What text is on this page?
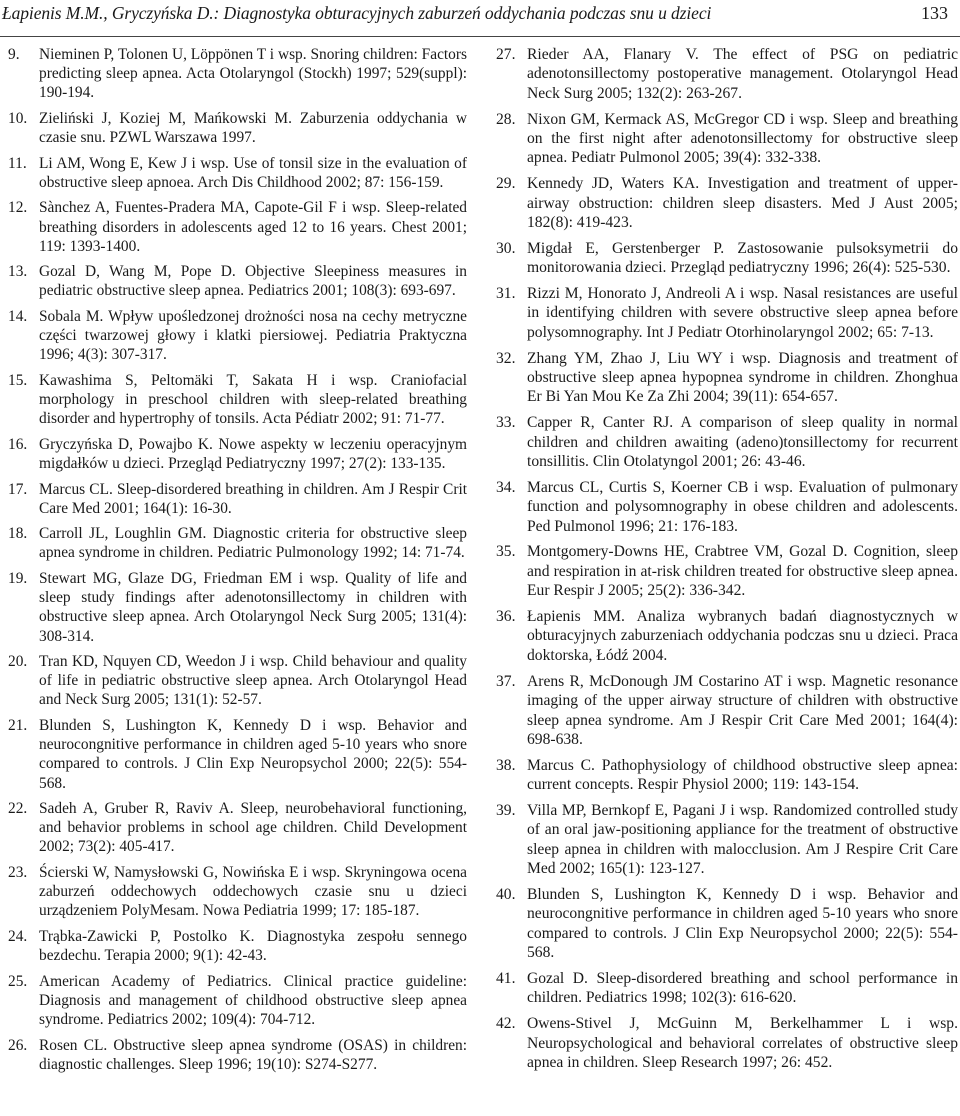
Łapienis M.M., Gryczyńska D.: Diagnostyka obturacyjnych zaburzeń oddychania podczas snu u dzieci	133
9. Nieminen P, Tolonen U, Löppönen T i wsp. Snoring children: Factors predicting sleep apnea. Acta Otolaryngol (Stockh) 1997; 529(suppl): 190-194.
10. Zieliński J, Koziej M, Mańkowski M. Zaburzenia oddychania w czasie snu. PZWL Warszawa 1997.
11. Li AM, Wong E, Kew J i wsp. Use of tonsil size in the evaluation of obstructive sleep apnoea. Arch Dis Childhood 2002; 87: 156-159.
12. Sànchez A, Fuentes-Pradera MA, Capote-Gil F i wsp. Sleep-related breathing disorders in adolescents aged 12 to 16 years. Chest 2001; 119: 1393-1400.
13. Gozal D, Wang M, Pope D. Objective Sleepiness measures in pediatric obstructive sleep apnea. Pediatrics 2001; 108(3): 693-697.
14. Sobala M. Wpływ upośledzonej drożności nosa na cechy metryczne części twarzowej głowy i klatki piersiowej. Pediatria Praktyczna 1996; 4(3): 307-317.
15. Kawashima S, Peltomäki T, Sakata H i wsp. Craniofacial morphology in preschool children with sleep-related breathing disorder and hypertrophy of tonsils. Acta Pédiatr 2002; 91: 71-77.
16. Gryczyńska D, Powajbo K. Nowe aspekty w leczeniu operacyjnym migdałków u dzieci. Przegląd Pediatryczny 1997; 27(2): 133-135.
17. Marcus CL. Sleep-disordered breathing in children. Am J Respir Crit Care Med 2001; 164(1): 16-30.
18. Carroll JL, Loughlin GM. Diagnostic criteria for obstructive sleep apnea syndrome in children. Pediatric Pulmonology 1992; 14: 71-74.
19. Stewart MG, Glaze DG, Friedman EM i wsp. Quality of life and sleep study findings after adenotonsillectomy in children with obstructive sleep apnea. Arch Otolaryngol Neck Surg 2005; 131(4): 308-314.
20. Tran KD, Nquyen CD, Weedon J i wsp. Child behaviour and quality of life in pediatric obstructive sleep apnea. Arch Otolaryngol Head and Neck Surg 2005; 131(1): 52-57.
21. Blunden S, Lushington K, Kennedy D i wsp. Behavior and neurocongnitive performance in children aged 5-10 years who snore compared to controls. J Clin Exp Neuropsychol 2000; 22(5): 554-568.
22. Sadeh A, Gruber R, Raviv A. Sleep, neurobehavioral functioning, and behavior problems in school age children. Child Development 2002; 73(2): 405-417.
23. Ścierski W, Namysłowski G, Nowińska E i wsp. Skryningowa ocena zaburzeń oddechowych oddechowych czasie snu u dzieci urządzeniem PolyMesam. Nowa Pediatria 1999; 17: 185-187.
24. Trąbka-Zawicki P, Postolko K. Diagnostyka zespołu sennego bezdechu. Terapia 2000; 9(1): 42-43.
25. American Academy of Pediatrics. Clinical practice guideline: Diagnosis and management of childhood obstructive sleep apnea syndrome. Pediatrics 2002; 109(4): 704-712.
26. Rosen CL. Obstructive sleep apnea syndrome (OSAS) in children: diagnostic challenges. Sleep 1996; 19(10): S274-S277.
27. Rieder AA, Flanary V. The effect of PSG on pediatric adenotonsillectomy postoperative management. Otolaryngol Head Neck Surg 2005; 132(2): 263-267.
28. Nixon GM, Kermack AS, McGregor CD i wsp. Sleep and breathing on the first night after adenotonsillectomy for obstructive sleep apnea. Pediatr Pulmonol 2005; 39(4): 332-338.
29. Kennedy JD, Waters KA. Investigation and treatment of upper-airway obstruction: children sleep disasters. Med J Aust 2005; 182(8): 419-423.
30. Migdał E, Gerstenberger P. Zastosowanie pulsoksymetrii do monitorowania dzieci. Przegląd pediatryczny 1996; 26(4): 525-530.
31. Rizzi M, Honorato J, Andreoli A i wsp. Nasal resistances are useful in identifying children with severe obstructive sleep apnea before polysomnography. Int J Pediatr Otorhinolaryngol 2002; 65: 7-13.
32. Zhang YM, Zhao J, Liu WY i wsp. Diagnosis and treatment of obstructive sleep apnea hypopnea syndrome in children. Zhonghua Er Bi Yan Mou Ke Za Zhi 2004; 39(11): 654-657.
33. Capper R, Canter RJ. A comparison of sleep quality in normal children and children awaiting (adeno)tonsillectomy for recurrent tonsillitis. Clin Otolatyngol 2001; 26: 43-46.
34. Marcus CL, Curtis S, Koerner CB i wsp. Evaluation of pulmonary function and polysomnography in obese children and adolescents. Ped Pulmonol 1996; 21: 176-183.
35. Montgomery-Downs HE, Crabtree VM, Gozal D. Cognition, sleep and respiration in at-risk children treated for obstructive sleep apnea. Eur Respir J 2005; 25(2): 336-342.
36. Łapienis MM. Analiza wybranych badań diagnostycznych w obturacyjnych zaburzeniach oddychania podczas snu u dzieci. Praca doktorska, Łódź 2004.
37. Arens R, McDonough JM Costarino AT i wsp. Magnetic resonance imaging of the upper airway structure of children with obstructive sleep apnea syndrome. Am J Respir Crit Care Med 2001; 164(4): 698-638.
38. Marcus C. Pathophysiology of childhood obstructive sleep apnea: current concepts. Respir Physiol 2000; 119: 143-154.
39. Villa MP, Bernkopf E, Pagani J i wsp. Randomized controlled study of an oral jaw-positioning appliance for the treatment of obstructive sleep apnea in children with malocclusion. Am J Respire Crit Care Med 2002; 165(1): 123-127.
40. Blunden S, Lushington K, Kennedy D i wsp. Behavior and neurocongnitive performance in children aged 5-10 years who snore compared to controls. J Clin Exp Neuropsychol 2000; 22(5): 554-568.
41. Gozal D. Sleep-disordered breathing and school performance in children. Pediatrics 1998; 102(3): 616-620.
42. Owens-Stivel J, McGuinn M, Berkelhammer L i wsp. Neuropsychological and behavioral correlates of obstructive sleep apnea in children. Sleep Research 1997; 26: 452.
